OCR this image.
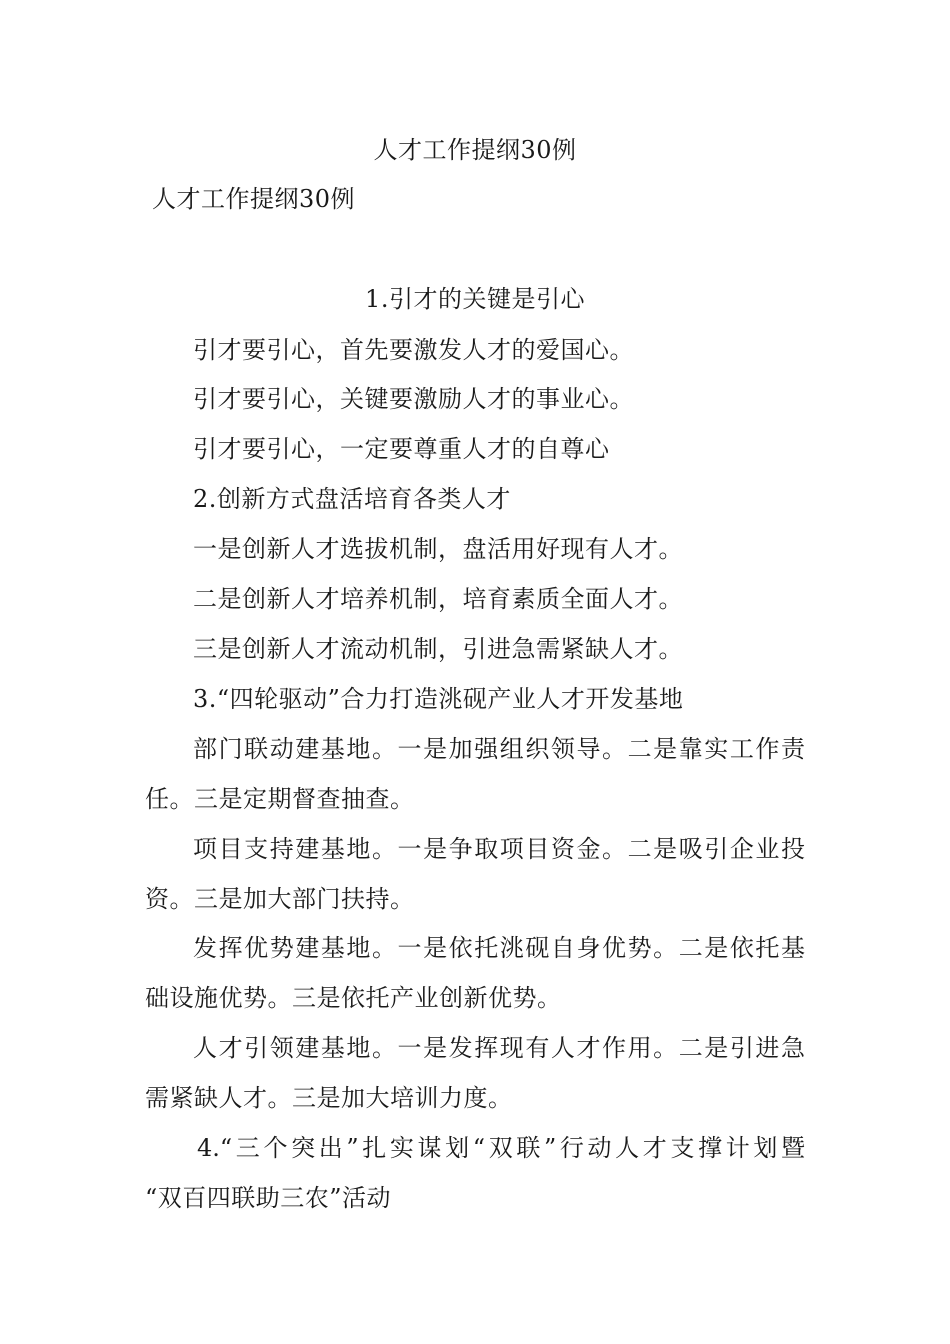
人才工作提纲30例
人才工作提纲30例
1.引才的关键是引心
引才要引心，首先要激发人才的爱国心。
引才要引心，关键要激励人才的事业心。
引才要引心，一定要尊重人才的自尊心
2.创新方式盘活培育各类人才
一是创新人才选拔机制，盘活用好现有人才。
二是创新人才培养机制，培育素质全面人才。
三是创新人才流动机制，引进急需紧缺人才。
3.“四轮驱动”合力打造洮砚产业人才开发基地
部门联动建基地。一是加强组织领导。二是靠实工作责
任。三是定期督查抽查。
项目支持建基地。一是争取项目资金。二是吸引企业投
资。三是加大部门扶持。
发挥优势建基地。一是依托洮砚自身优势。二是依托基
础设施优势。三是依托产业创新优势。
人才引领建基地。一是发挥现有人才作用。二是引进急
需紧缺人才。三是加大培训力度。
4.“三个突出”扎实谋划“双联”行动人才支撑计划暨
“双百四联助三农”活动
